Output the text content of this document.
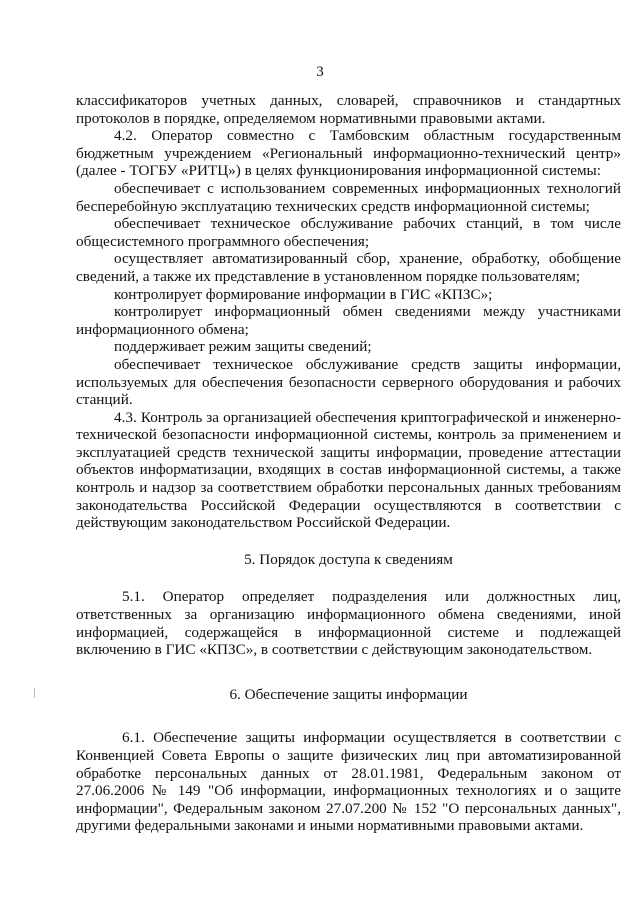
3

классификаторов учетных данных, словарей, справочников и стандартных протоколов в порядке, определяемом нормативными правовыми актами.

4.2. Оператор совместно с Тамбовским областным государственным бюджетным учреждением «Региональный информационно-технический центр» (далее - ТОГБУ «РИТЦ») в целях функционирования информационной системы:

обеспечивает с использованием современных информационных технологий бесперебойную эксплуатацию технических средств информационной системы;

обеспечивает техническое обслуживание рабочих станций, в том числе общесистемного программного обеспечения;

осуществляет автоматизированный сбор, хранение, обработку, обобщение сведений, а также их представление в установленном порядке пользователям;

контролирует формирование информации в ГИС «КПЗС»;

контролирует информационный обмен сведениями между участниками информационного обмена;

поддерживает режим защиты сведений;

обеспечивает техническое обслуживание средств защиты информации, используемых для обеспечения безопасности серверного оборудования и рабочих станций.

4.3. Контроль за организацией обеспечения криптографической и инженерно-технической безопасности информационной системы, контроль за применением и эксплуатацией средств технической защиты информации, проведение аттестации объектов информатизации, входящих в состав информационной системы, а также контроль и надзор за соответствием обработки персональных данных требованиям законодательства Российской Федерации осуществляются в соответствии с действующим законодательством Российской Федерации.

5. Порядок доступа к сведениям

5.1. Оператор определяет подразделения или должностных лиц, ответственных за организацию информационного обмена сведениями, иной информацией, содержащейся в информационной системе и подлежащей включению в ГИС «КПЗС», в соответствии с действующим законодательством.

6. Обеспечение защиты информации

6.1. Обеспечение защиты информации осуществляется в соответствии с Конвенцией Совета Европы о защите физических лиц при автоматизированной обработке персональных данных от 28.01.1981, Федеральным законом от 27.06.2006 № 149 "Об информации, информационных технологиях и о защите информации", Федеральным законом 27.07.200 № 152 "О персональных данных", другими федеральными законами и иными нормативными правовыми актами.
